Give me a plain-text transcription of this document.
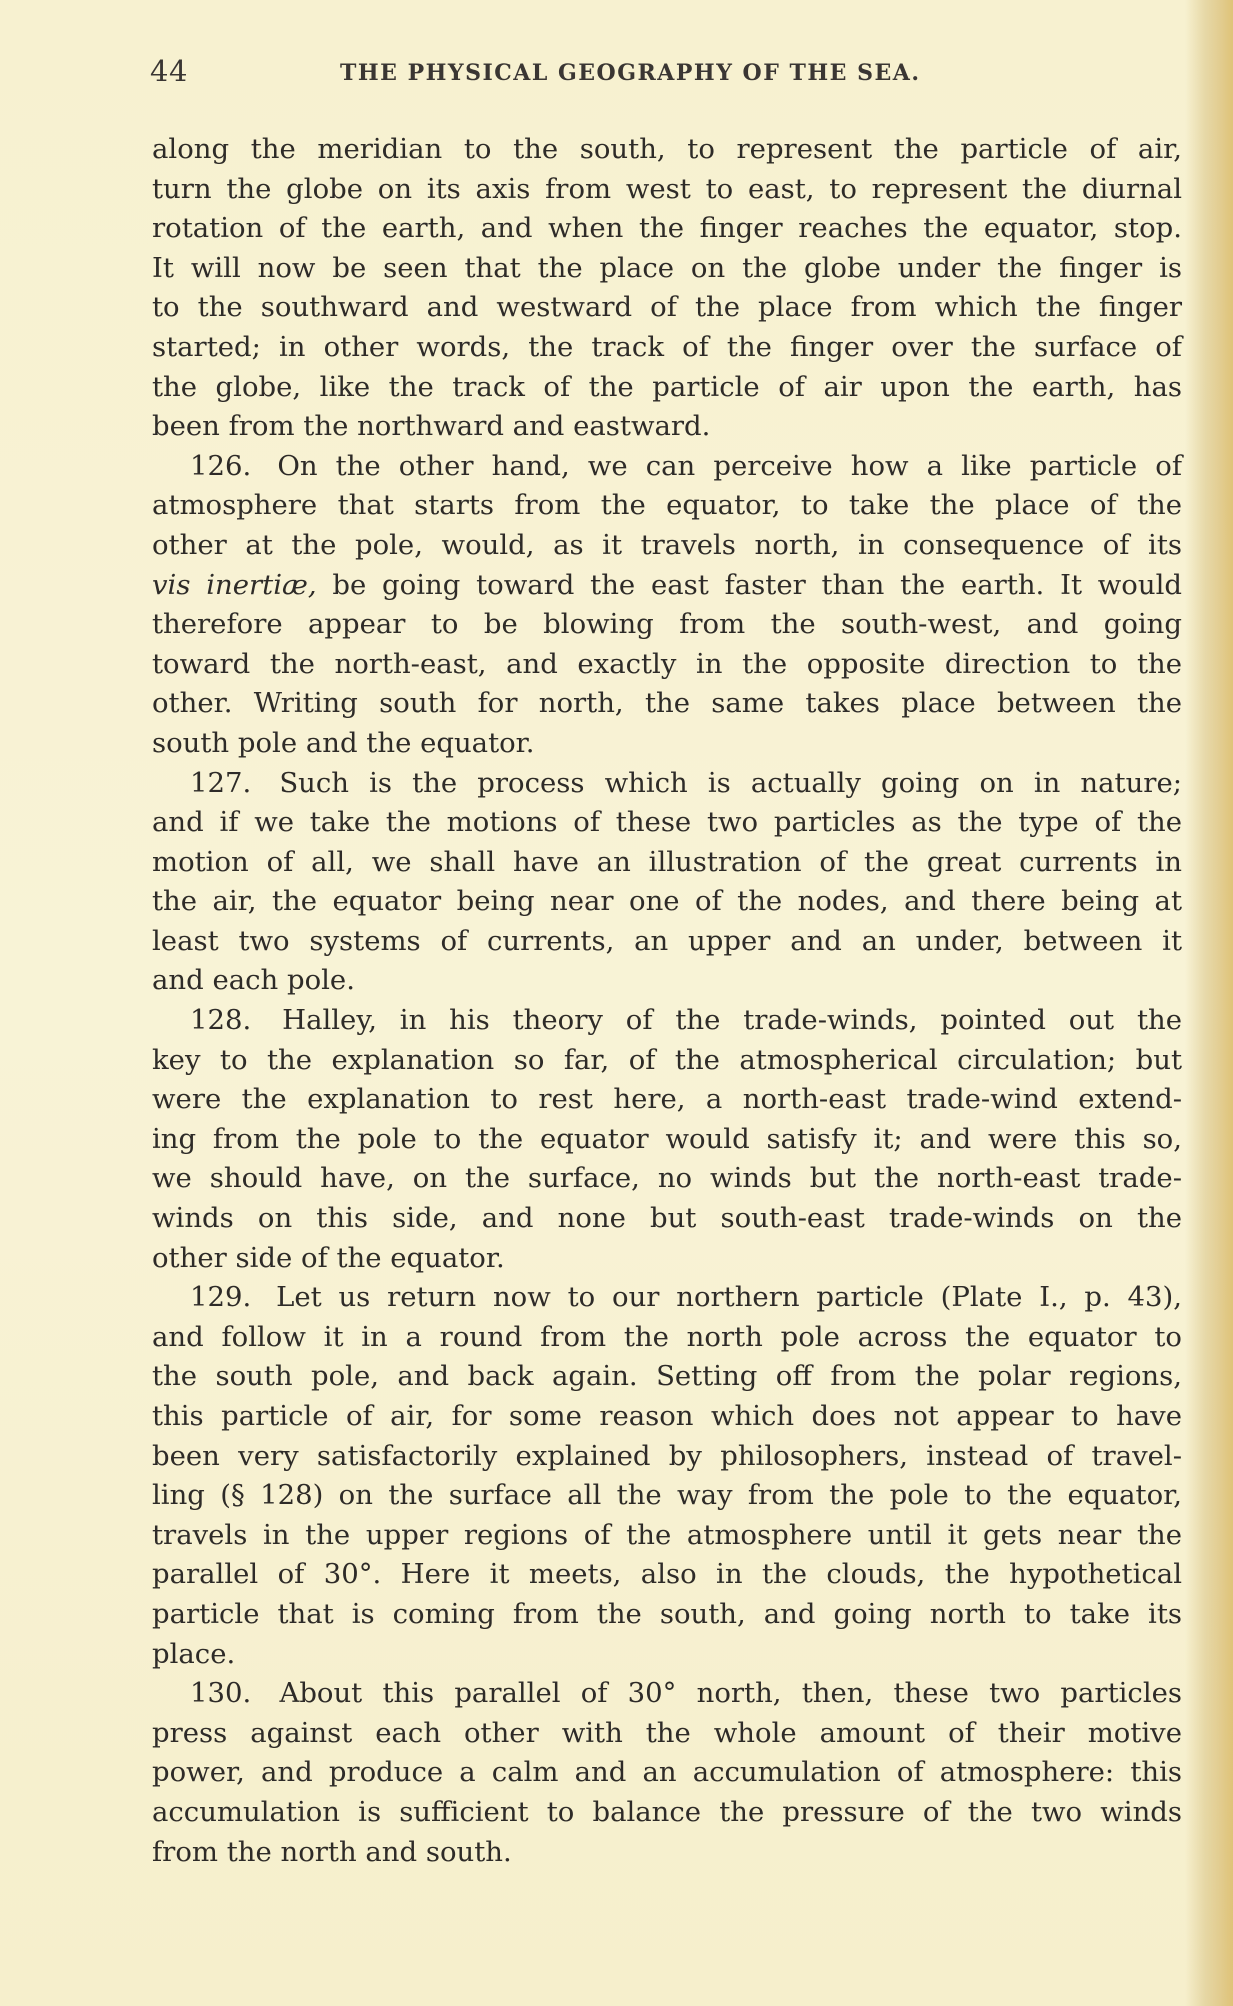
44	THE PHYSICAL GEOGRAPHY OF THE SEA.
along the meridian to the south, to represent the particle of air,
turn the globe on its axis from west to east, to represent the diurnal
rotation of the earth, and when the finger reaches the equator, stop.
It will now be seen that the place on the globe under the finger is
to the southward and westward of the place from which the finger
started; in other words, the track of the finger over the surface of
the globe, like the track of the particle of air upon the earth, has
been from the northward and eastward.
126. On the other hand, we can perceive how a like particle of
atmosphere that starts from the equator, to take the place of the
other at the pole, would, as it travels north, in consequence of its
vis inertiæ, be going toward the east faster than the earth. It would
therefore appear to be blowing from the south-west, and going
toward the north-east, and exactly in the opposite direction to the
other. Writing south for north, the same takes place between the
south pole and the equator.
127. Such is the process which is actually going on in nature;
and if we take the motions of these two particles as the type of the
motion of all, we shall have an illustration of the great currents in
the air, the equator being near one of the nodes, and there being at
least two systems of currents, an upper and an under, between it
and each pole.
128. Halley, in his theory of the trade-winds, pointed out the
key to the explanation so far, of the atmospherical circulation; but
were the explanation to rest here, a north-east trade-wind extend-
ing from the pole to the equator would satisfy it; and were this so,
we should have, on the surface, no winds but the north-east trade-
winds on this side, and none but south-east trade-winds on the
other side of the equator.
129. Let us return now to our northern particle (Plate I., p. 43),
and follow it in a round from the north pole across the equator to
the south pole, and back again. Setting off from the polar regions,
this particle of air, for some reason which does not appear to have
been very satisfactorily explained by philosophers, instead of travel-
ling (§ 128) on the surface all the way from the pole to the equator,
travels in the upper regions of the atmosphere until it gets near the
parallel of 30°. Here it meets, also in the clouds, the hypothetical
particle that is coming from the south, and going north to take its
place.
130. About this parallel of 30° north, then, these two particles
press against each other with the whole amount of their motive
power, and produce a calm and an accumulation of atmosphere: this
accumulation is sufficient to balance the pressure of the two winds
from the north and south.
